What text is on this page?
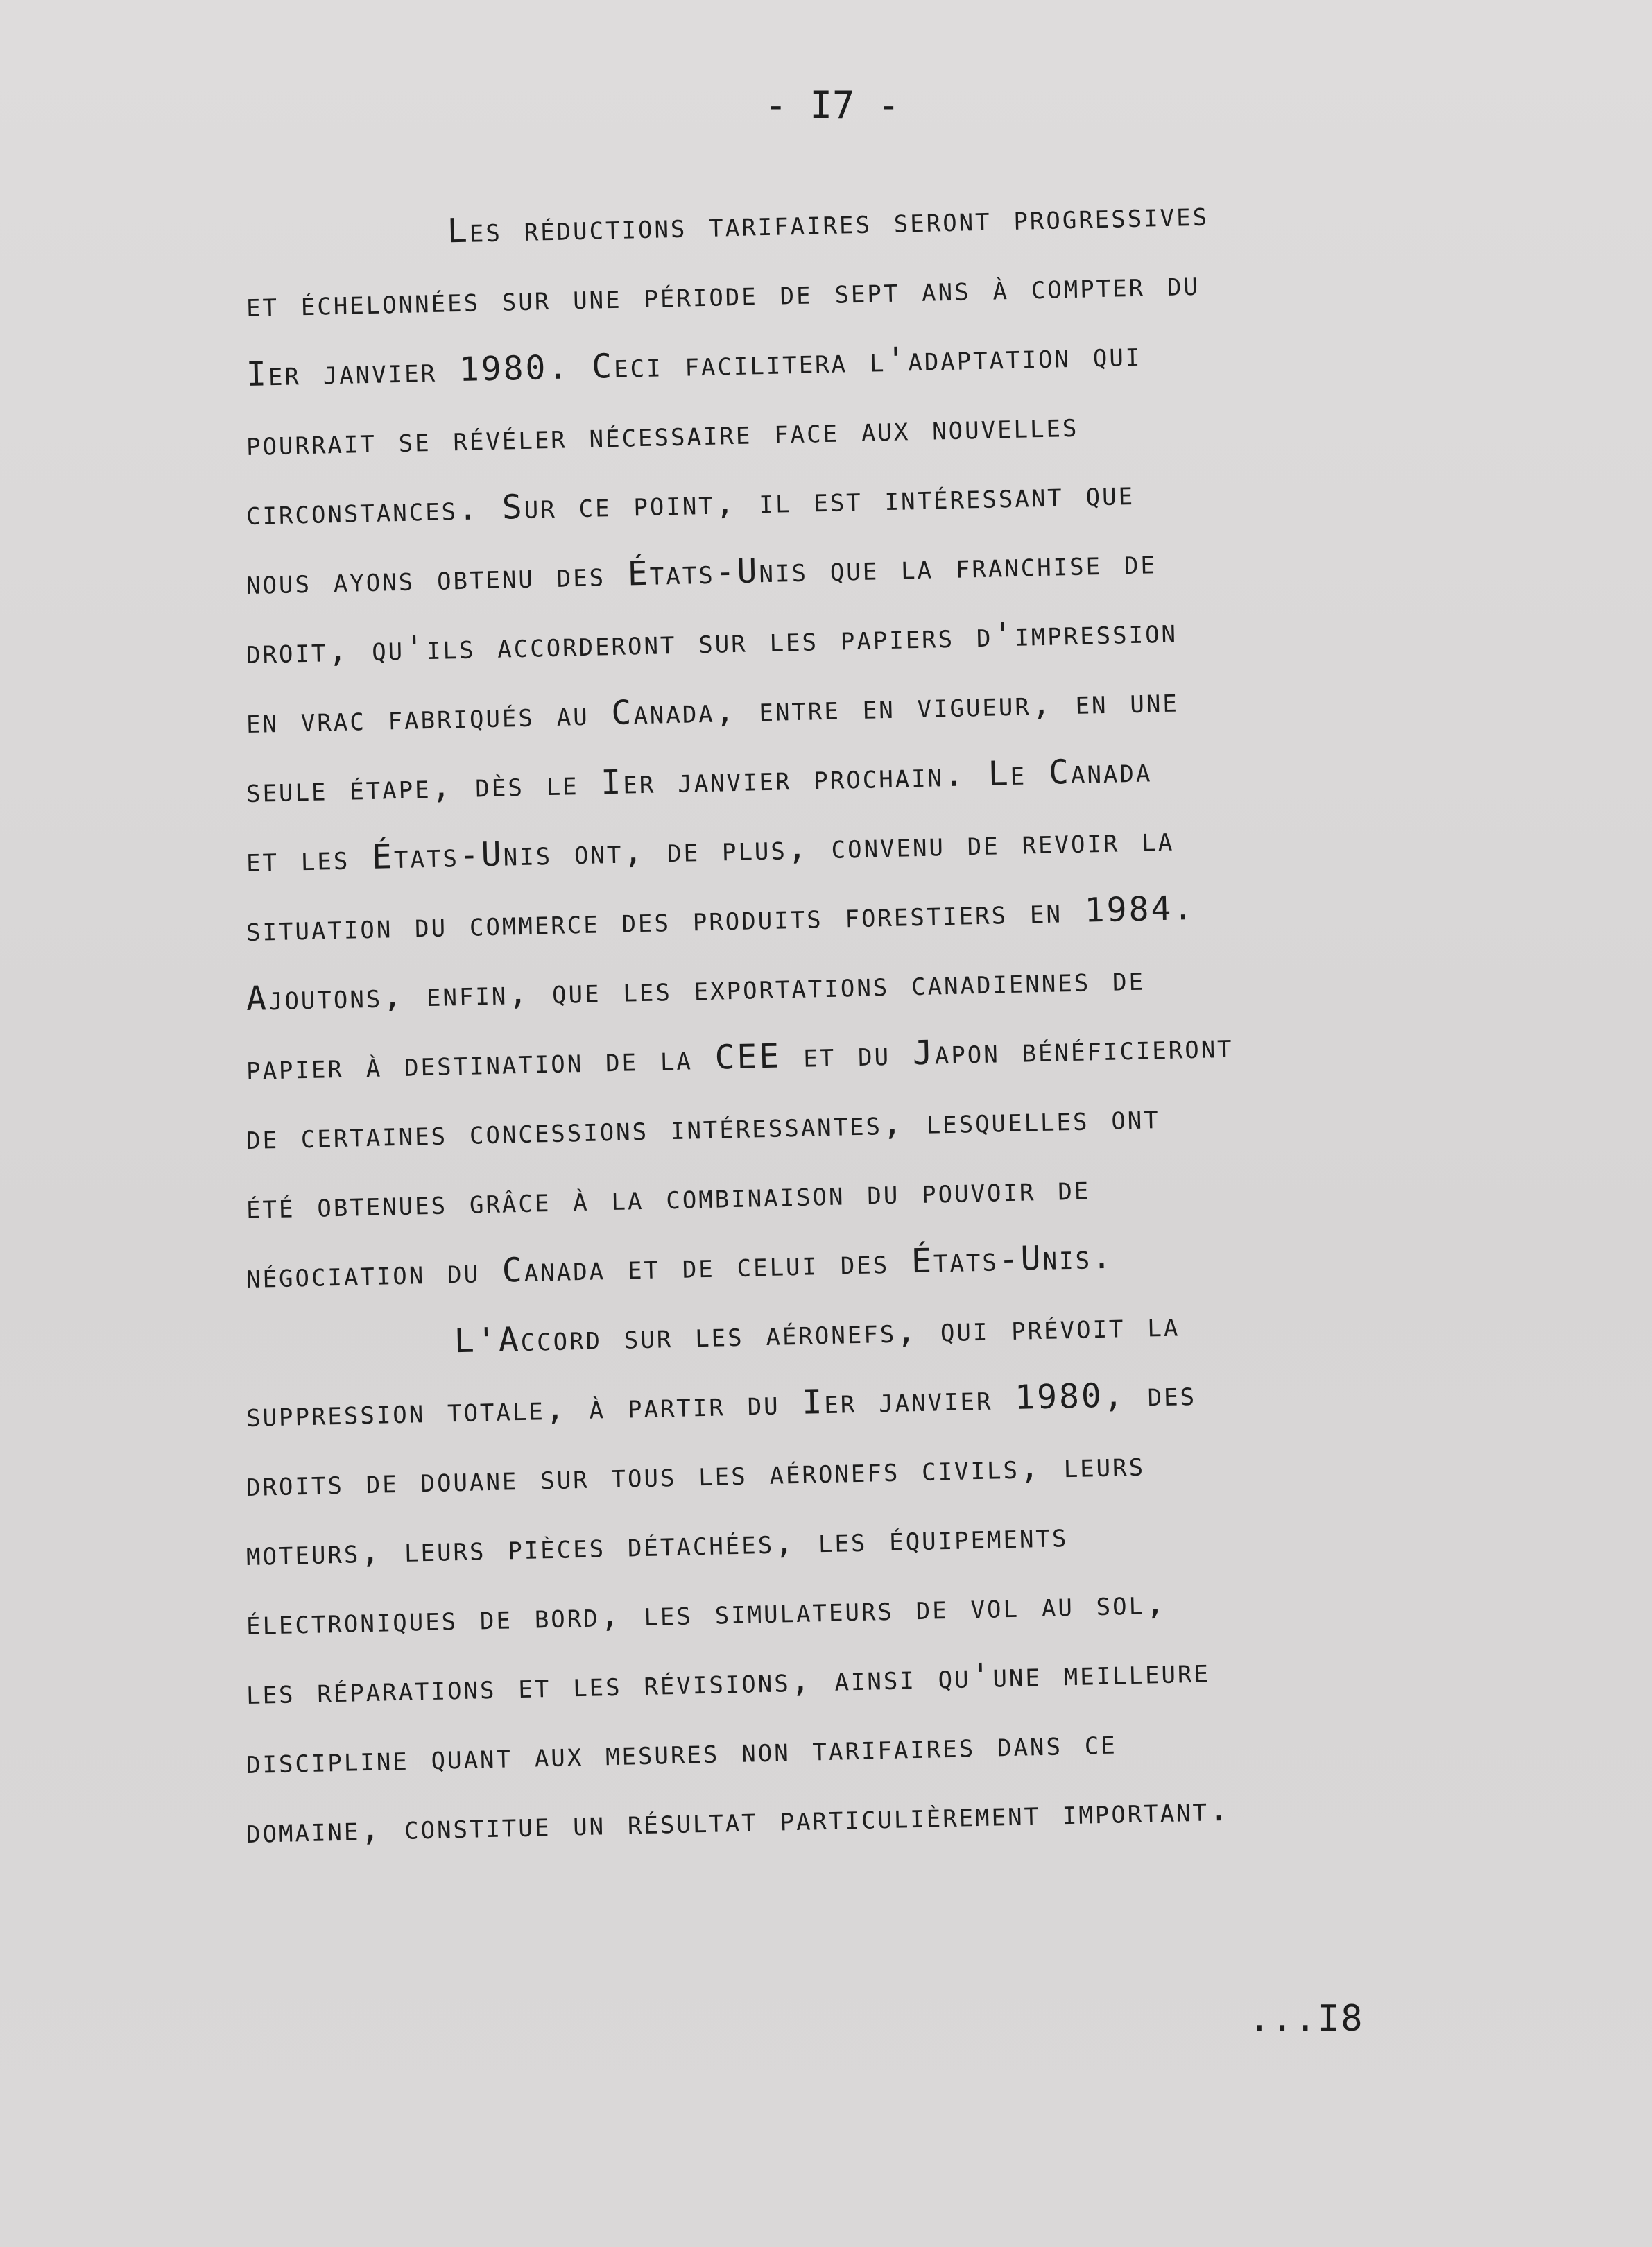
- I7 -
Les réductions tarifaires seront progressives
et échelonnées sur une période de sept ans à compter du
Ier janvier 1980. Ceci facilitera l'adaptation qui
pourrait se révéler nécessaire face aux nouvelles
circonstances. Sur ce point, il est intéressant que
nous ayons obtenu des États-Unis que la franchise de
droit, qu'ils accorderont sur les papiers d'impression
en vrac fabriqués au Canada, entre en vigueur, en une
seule étape, dès le Ier janvier prochain. Le Canada
et les États-Unis ont, de plus, convenu de revoir la
situation du commerce des produits forestiers en 1984.
Ajoutons, enfin, que les exportations canadiennes de
papier à destination de la CEE et du Japon bénéficieront
de certaines concessions intéressantes, lesquelles ont
été obtenues grâce à la combinaison du pouvoir de
négociation du Canada et de celui des États-Unis.
L'Accord sur les aéronefs, qui prévoit la
suppression totale, à partir du Ier janvier 1980, des
droits de douane sur tous les aéronefs civils, leurs
moteurs, leurs pièces détachées, les équipements
électroniques de bord, les simulateurs de vol au sol,
les réparations et les révisions, ainsi qu'une meilleure
discipline quant aux mesures non tarifaires dans ce
domaine, constitue un résultat particulièrement important.
...I8
